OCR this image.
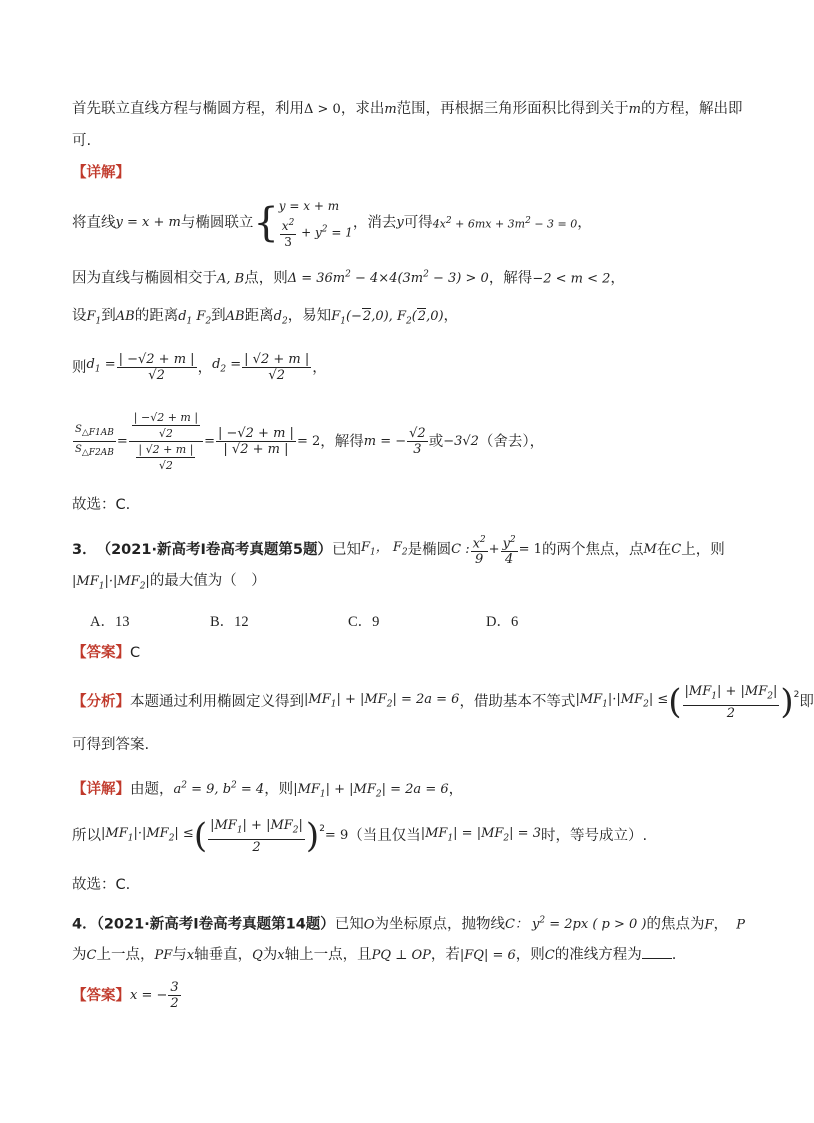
首先联立直线方程与椭圆方程，利用Δ > 0，求出m范围，再根据三角形面积比得到关于m的方程，解出即
可.
【详解】
将直线 y = x + m 与椭圆联立 { y = x + m
$\frac{x^2}{3} + y^2 = 1$
，消去 y 可得 $4x^2 + 6mx + 3m^2 - 3 = 0$ ，
因为直线与椭圆相交于A, B点，则$\Delta = 36m^2 - 4\times 4(3m^2 - 3) > 0$，解得−2 < m < 2，
设$F_1$到AB的距离$d_1$ $F_2$到AB距离$d_2$，易知$F_1(-2,0)$, $F_2(2,0)$，
则 $d_1 = \frac{| -√2 + m |}{√2}$ ， $d_2 = \frac{| √2 + m |}{√2}$ ，
$\frac{S_{\triangle F1AB}}{S_{\triangle F2AB}} = \frac{\frac{| -√2 + m |}{√2}}{\frac{| √2 + m |}{√2}} = \frac{| -√2 + m |}{| √2 + m |} = 2$ ，解得 m = − $\frac{√2}{3}$ 或 −3√2 （舍去），
故选：C.
3． （2021·新高考Ⅰ卷高考真题第5题） 已知 $F_1$， $F_2$ 是椭圆 C : $\frac{x^2}{9} + \frac{y^2}{4} = 1$ 的两个焦点，点 M 在 C 上，则
$|MF_1|\cdot|MF_2|$的最大值为（　）
A．13	B．12	C．9	D．6
【答案】C
【分析】 本题通过利用椭圆定义得到 $|MF_1| + |MF_2| = 2a = 6$ ，借助基本不等式 $|MF_1|\cdot|MF_2|$ ≤ ( $\frac{|MF_1| + |MF_2|}{2} )^2$ 即
可得到答案.
【详解】由题，$a^2 = 9$, $b^2 = 4$，则$|MF_1| + |MF_2| = 2a = 6$，
所以 $|MF_1|\cdot|MF_2|$ ≤ ( $\frac{|MF_1| + |MF_2|}{2} )^2 = 9$ （当且仅当 $|MF_1| = |MF_2| = 3$ 时，等号成立）.
故选：C.
4．（2021·新高考Ⅰ卷高考真题第14题）已知O为坐标原点，抛物线C： $y^2 = 2px$ ( p > 0 )的焦点为F，  P
为C上一点，PF与x轴垂直，Q为x轴上一点，且PQ ⊥ OP，若|FQ| = 6，则C的准线方程为 .
【答案】 x = − $\frac{3}{2}$
